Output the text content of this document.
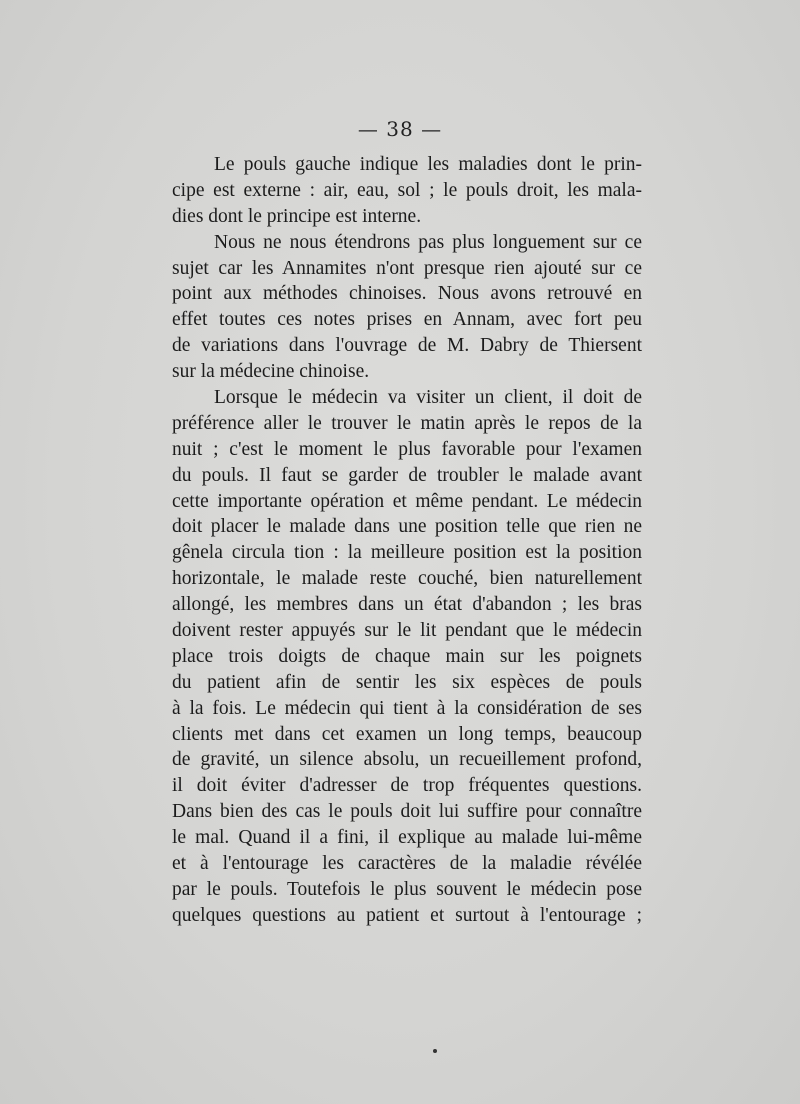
— 38 —
Le pouls gauche indique les maladies dont le prin-
cipe est externe : air, eau, sol ; le pouls droit, les mala-
dies dont le principe est interne.
Nous ne nous étendrons pas plus longuement sur ce
sujet car les Annamites n'ont presque rien ajouté sur ce
point aux méthodes chinoises. Nous avons retrouvé en
effet toutes ces notes prises en Annam, avec fort peu
de variations dans l'ouvrage de M. Dabry de Thiersent
sur la médecine chinoise.
Lorsque le médecin va visiter un client, il doit de
préférence aller le trouver le matin après le repos de la
nuit ; c'est le moment le plus favorable pour l'examen
du pouls. Il faut se garder de troubler le malade avant
cette importante opération et même pendant. Le médecin
doit placer le malade dans une position telle que rien ne
gênela circula tion : la meilleure position est la position
horizontale, le malade reste couché, bien naturellement
allongé, les membres dans un état d'abandon ; les bras
doivent rester appuyés sur le lit pendant que le médecin
place trois doigts de chaque main sur les poignets
du patient afin de sentir les six espèces de pouls
à la fois. Le médecin qui tient à la considération de ses
clients met dans cet examen un long temps, beaucoup
de gravité, un silence absolu, un recueillement profond,
il doit éviter d'adresser de trop fréquentes questions.
Dans bien des cas le pouls doit lui suffire pour connaître
le mal. Quand il a fini, il explique au malade lui-même
et à l'entourage les caractères de la maladie révélée
par le pouls. Toutefois le plus souvent le médecin pose
quelques questions au patient et surtout à l'entourage ;
